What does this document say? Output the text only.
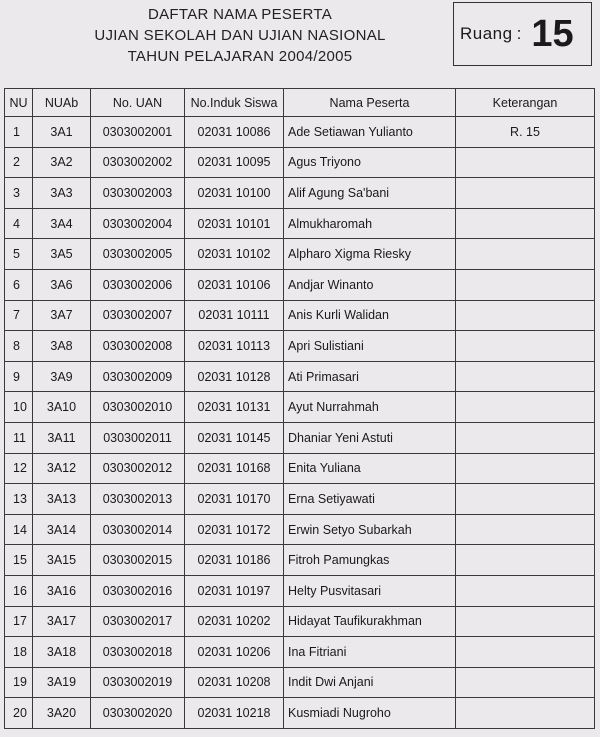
DAFTAR NAMA PESERTA
UJIAN SEKOLAH DAN UJIAN NASIONAL
TAHUN PELAJARAN 2004/2005
Ruang : 15
NU	NUAb	No. UAN	No.Induk Siswa	Nama Peserta	Keterangan
1	3A1	0303002001	02031 10086	Ade Setiawan Yulianto	R. 15
2	3A2	0303002002	02031 10095	Agus Triyono	
3	3A3	0303002003	02031 10100	Alif Agung Sa'bani	
4	3A4	0303002004	02031 10101	Almukharomah	
5	3A5	0303002005	02031 10102	Alpharo Xigma Riesky	
6	3A6	0303002006	02031 10106	Andjar Winanto	
7	3A7	0303002007	02031 10111	Anis Kurli Walidan	
8	3A8	0303002008	02031 10113	Apri Sulistiani	
9	3A9	0303002009	02031 10128	Ati Primasari	
10	3A10	0303002010	02031 10131	Ayut Nurrahmah	
11	3A11	0303002011	02031 10145	Dhaniar Yeni Astuti	
12	3A12	0303002012	02031 10168	Enita Yuliana	
13	3A13	0303002013	02031 10170	Erna Setiyawati	
14	3A14	0303002014	02031 10172	Erwin Setyo Subarkah	
15	3A15	0303002015	02031 10186	Fitroh Pamungkas	
16	3A16	0303002016	02031 10197	Helty Pusvitasari	
17	3A17	0303002017	02031 10202	Hidayat Taufikurakhman	
18	3A18	0303002018	02031 10206	Ina Fitriani	
19	3A19	0303002019	02031 10208	Indit Dwi Anjani	
20	3A20	0303002020	02031 10218	Kusmiadi Nugroho	
